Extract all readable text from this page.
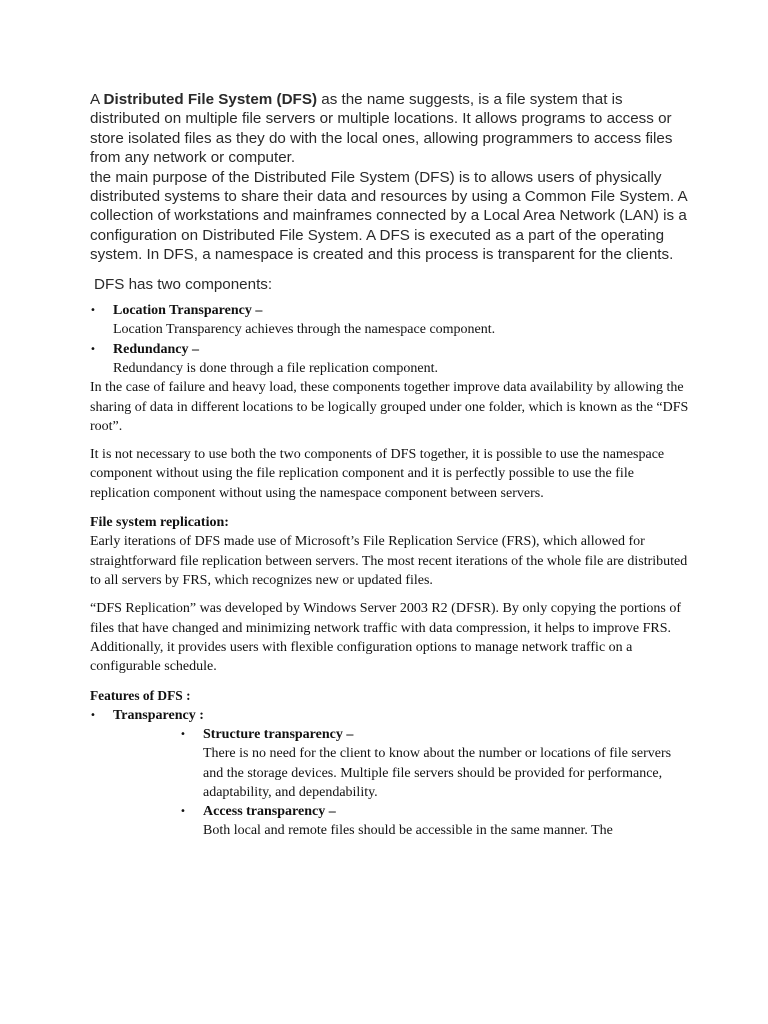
A Distributed File System (DFS) as the name suggests, is a file system that is distributed on multiple file servers or multiple locations. It allows programs to access or store isolated files as they do with the local ones, allowing programmers to access files from any network or computer.

the main purpose of the Distributed File System (DFS) is to allows users of physically distributed systems to share their data and resources by using a Common File System. A collection of workstations and mainframes connected by a Local Area Network (LAN) is a configuration on Distributed File System. A DFS is executed as a part of the operating system. In DFS, a namespace is created and this process is transparent for the clients.

DFS has two components:

• Location Transparency –
Location Transparency achieves through the namespace component.
• Redundancy –
Redundancy is done through a file replication component.

In the case of failure and heavy load, these components together improve data availability by allowing the sharing of data in different locations to be logically grouped under one folder, which is known as the “DFS root”.

It is not necessary to use both the two components of DFS together, it is possible to use the namespace component without using the file replication component and it is perfectly possible to use the file replication component without using the namespace component between servers.

File system replication:

Early iterations of DFS made use of Microsoft’s File Replication Service (FRS), which allowed for straightforward file replication between servers. The most recent iterations of the whole file are distributed to all servers by FRS, which recognizes new or updated files.

“DFS Replication” was developed by Windows Server 2003 R2 (DFSR). By only copying the portions of files that have changed and minimizing network traffic with data compression, it helps to improve FRS. Additionally, it provides users with flexible configuration options to manage network traffic on a configurable schedule.

Features of DFS :

• Transparency :
• Structure transparency –
There is no need for the client to know about the number or locations of file servers and the storage devices. Multiple file servers should be provided for performance, adaptability, and dependability.
• Access transparency –
Both local and remote files should be accessible in the same manner. The
